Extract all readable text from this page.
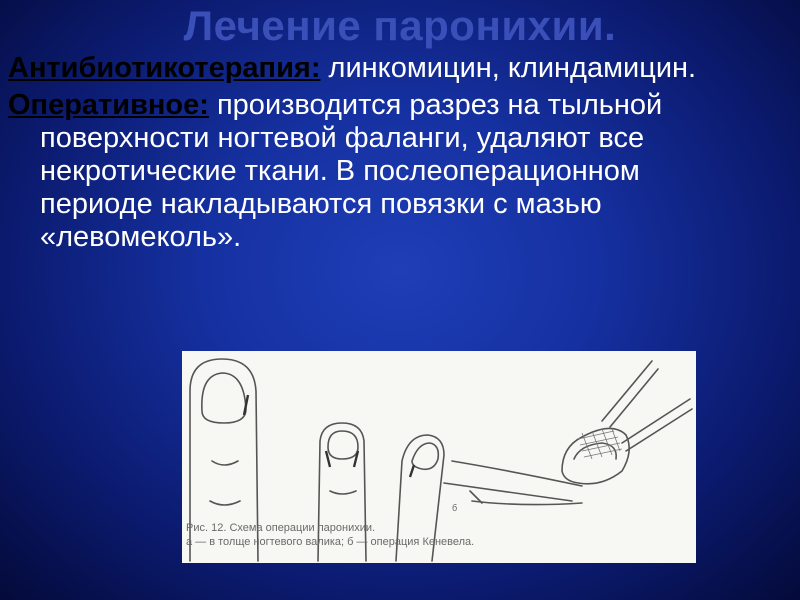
Лечение паронихии.

Антибиотикотерапия: линкомицин, клиндамицин.

Оперативное: производится разрез на тыльной поверхности ногтевой фаланги, удаляют все некротические ткани. В послеоперационном периоде накладываются повязки с мазью «левомеколь».

б
Рис. 12. Схема операции паронихии.
а — в толще ногтевого валика; б — операция Кеневела.
